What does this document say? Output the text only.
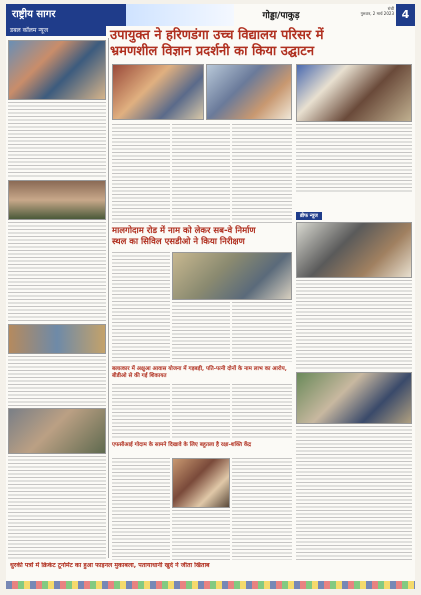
राष्ट्रीय सागर	गोड्डा/पाकुड़
रांची
गुरुवार, 2 मार्च 2023 4
डबल कॉलम न्यूज	उपायुक्त ने हरिणडंगा उच्च विद्यालय परिसर में
भ्रमणशील विज्ञान प्रदर्शनी का किया उद्घाटन
मालगोदाम रोड में नाम को लेकर सब-वे निर्माण
स्थल का सिविल एसडीओ ने किया निरीक्षण
ब्रीफ न्यूज
बलात्कार में अक्षुआ आवास योजना में गड़बड़ी, पति-पत्नी दोनों के नाम लाभ का आरोप, बीडीओ से की गई शिकायत
एफसीआई गोदाम के सामने दिखावे के लिए बहुतला है रक्षा-शक्ति केंद्र
धुरकी पत्रों में क्रिकेट टूर्नामेंट का हुआ फाइनल मुकाबला, पतायाधानी खुर्द ने जीता खिताब
